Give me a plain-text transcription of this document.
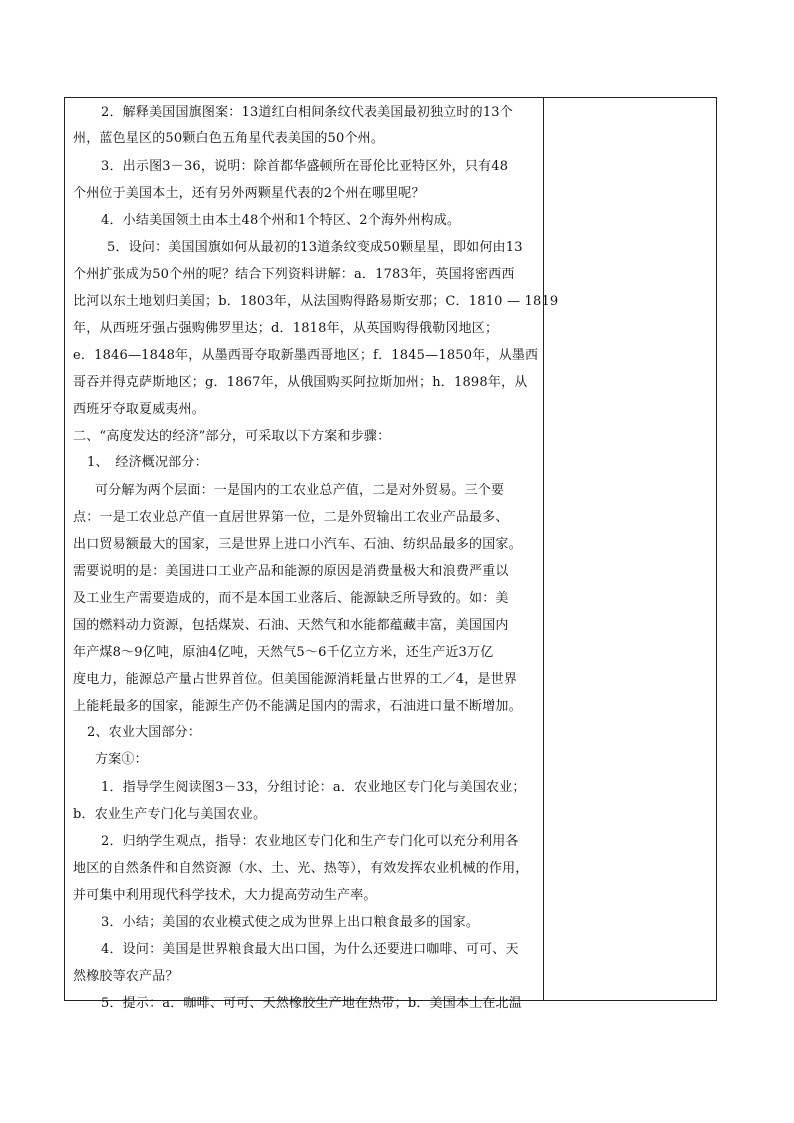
2．解释美国国旗图案：13道红白相间条纹代表美国最初独立时的13个
州，蓝色星区的50颗白色五角星代表美国的50个州。
3．出示图3－36，说明：除首都华盛顿所在哥伦比亚特区外，只有48
个州位于美国本土，还有另外两颗星代表的2个州在哪里呢？
4．小结美国领土由本土48个州和1个特区、2个海外州构成。
5．设问：美国国旗如何从最初的13道条纹变成50颗星星，即如何由13
个州扩张成为50个州的呢？结合下列资料讲解：a．1783年，英国将密西西
比河以东土地划归美国；b．1803年，从法国购得路易斯安那；C．1810 — 1819
年，从西班牙强占强购佛罗里达；d．1818年，从英国购得俄勒冈地区；
e．1846—1848年，从墨西哥夺取新墨西哥地区；f．1845—1850年，从墨西
哥吞并得克萨斯地区；g．1867年，从俄国购买阿拉斯加州；h．1898年，从
西班牙夺取夏威夷州。
二、“高度发达的经济”部分，可采取以下方案和步骤：
1、　经济概况部分：
可分解为两个层面：一是国内的工农业总产值，二是对外贸易。三个要
点：一是工农业总产值一直居世界第一位，二是外贸输出工农业产品最多、
出口贸易额最大的国家，三是世界上进口小汽车、石油、纺织品最多的国家。
需要说明的是：美国进口工业产品和能源的原因是消费量极大和浪费严重以
及工业生产需要造成的，而不是本国工业落后、能源缺乏所导致的。如：美
国的燃料动力资源，包括煤炭、石油、天然气和水能都蕴藏丰富，美国国内
年产煤8～9亿吨，原油4亿吨，天然气5～6千亿立方米，还生产近3万亿
度电力，能源总产量占世界首位。但美国能源消耗量占世界的工／4，是世界
上能耗最多的国家，能源生产仍不能满足国内的需求，石油进口量不断增加。
2、农业大国部分：
方案①：
1．指导学生阅读图3－33，分组讨论：a．农业地区专门化与美国农业；
b．农业生产专门化与美国农业。
2．归纳学生观点，指导：农业地区专门化和生产专门化可以充分利用各
地区的自然条件和自然资源（水、土、光、热等），有效发挥农业机械的作用，
并可集中利用现代科学技术，大力提高劳动生产率。
3．小结；美国的农业模式使之成为世界上出口粮食最多的国家。
4．设问：美国是世界粮食最大出口国，为什么还要进口咖啡、可可、天
然橡胶等农产品？
5．提示：a．咖啡、可可、天然橡胶生产地在热带；b．美国本土在北温
